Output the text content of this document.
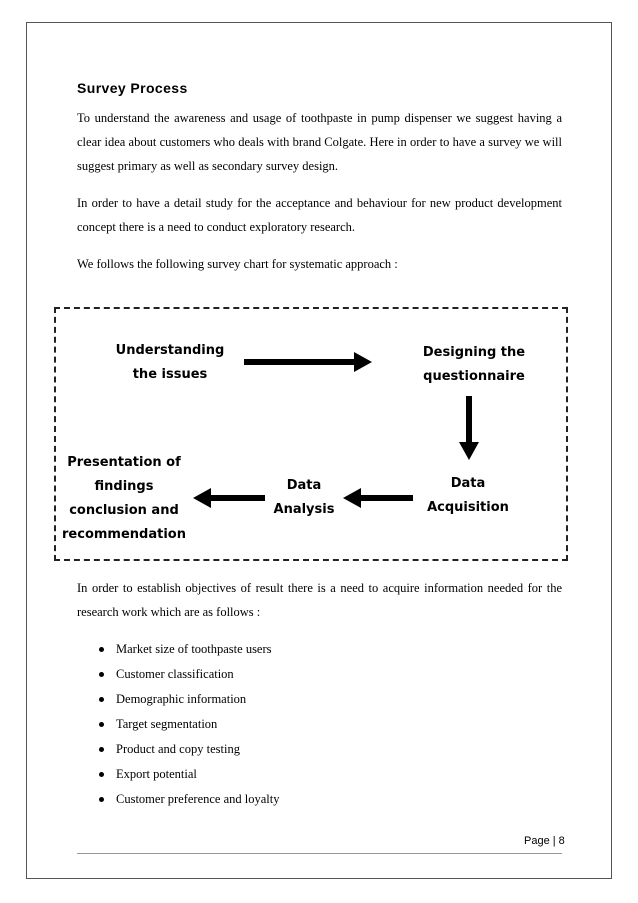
Survey Process
To understand the awareness and usage of toothpaste in pump dispenser we suggest having a clear idea about customers who deals with brand Colgate. Here in order to have a survey we will suggest primary as well as secondary survey design.
In order to have a detail study for the acceptance and behaviour for new product development concept there is a need to conduct exploratory research.
We follows the following survey chart for systematic approach :
Understanding
the issues
Designing the
questionnaire
Data
Acquisition
Data
Analysis
Presentation of
findings
conclusion and
recommendation
In order to establish objectives of result there is a need to acquire information needed for the research work which are as follows :
Market size of toothpaste users
Customer classification
Demographic information
Target segmentation
Product and copy testing
Export potential
Customer preference and loyalty
Page | 8
